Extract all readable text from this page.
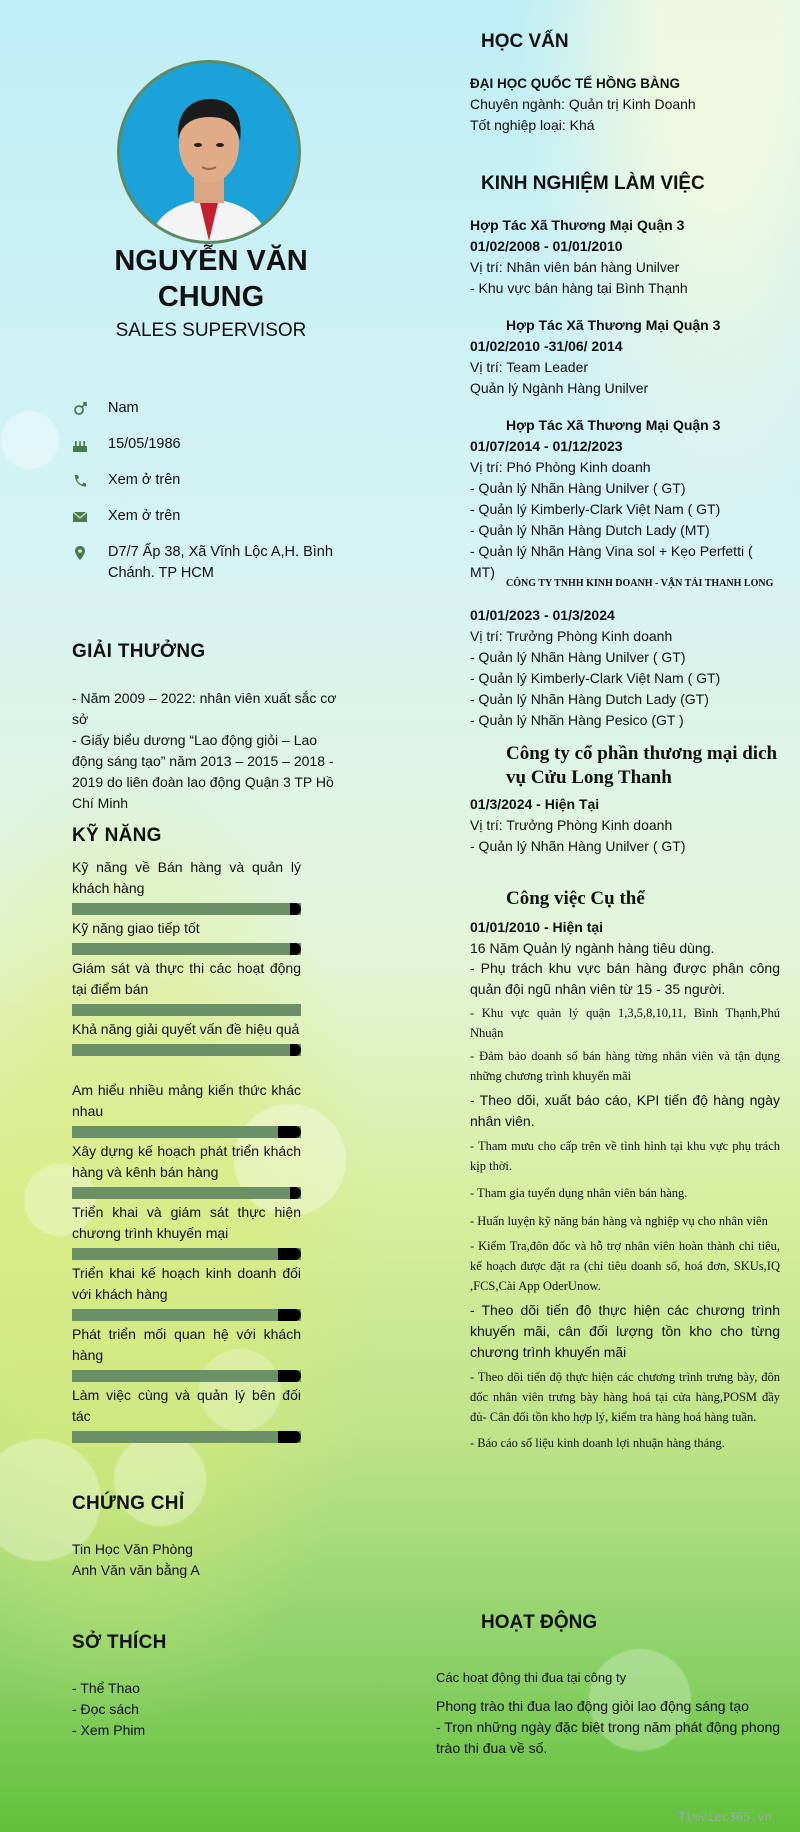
NGUYỄN VĂN
CHUNG
SALES SUPERVISOR
Nam
15/05/1986
Xem ở trên
Xem ở trên
D7/7 Ấp 38, Xã Vĩnh Lộc A,H. Bình Chánh. TP HCM
GIẢI THƯỞNG
- Năm 2009 – 2022: nhân viên xuất sắc cơ sở
- Giấy biểu dương “Lao động giỏi – Lao động sáng tạo” năm 2013 – 2015 – 2018 - 2019 do liên đoàn lao động Quận 3 TP Hồ Chí Minh
KỸ NĂNG
Kỹ năng về Bán hàng và quản lý khách hàng
Kỹ năng giao tiếp tốt
Giám sát và thực thi các hoạt động tại điểm bán
Khả năng giải quyết vấn đề hiệu quả
Am hiểu nhiều mảng kiến thức khác nhau
Xây dựng kế hoạch phát triển khách hàng và kênh bán hàng
Triển khai và giám sát thực hiện chương trình khuyến mại
Triển khai kế hoạch kinh doanh đối với khách hàng
Phát triển mối quan hệ với khách hàng
Làm việc cùng và quản lý bên đối tác
CHỨNG CHỈ
Tin Học Văn Phòng
Anh Văn văn bằng A
SỞ THÍCH
- Thể Thao
- Đọc sách
- Xem Phim
HỌC VẤN
ĐẠI HỌC QUỐC TẾ HỒNG BÀNG
Chuyên ngành: Quản trị Kinh Doanh
Tốt nghiệp loại: Khá
KINH NGHIỆM LÀM VIỆC
Hợp Tác Xã Thương Mại Quận 3
01/02/2008 - 01/01/2010
Vị trí: Nhân viên bán hàng Unilver
- Khu vực bán hàng tại Bình Thạnh
Hợp Tác Xã Thương Mại Quận 3
01/02/2010 -31/06/ 2014
Vị trí: Team Leader
Quản lý Ngành Hàng Unilver
Hợp Tác Xã Thương Mại Quận 3
01/07/2014 - 01/12/2023
Vị trí: Phó Phòng Kinh doanh
- Quản lý Nhãn Hàng Unilver ( GT)
- Quản lý Kimberly-Clark Việt Nam ( GT)
- Quản lý Nhãn Hàng Dutch Lady (MT)
- Quản lý Nhãn Hàng Vina sol + Kẹo Perfetti ( MT)
CÔNG TY TNHH KINH DOANH - VẬN TẢI THANH LONG
01/01/2023 - 01/3/2024
Vị trí: Trưởng Phòng Kinh doanh
- Quản lý Nhãn Hàng Unilver ( GT)
- Quản lý Kimberly-Clark Việt Nam ( GT)
- Quản lý Nhãn Hàng Dutch Lady (GT)
- Quản lý Nhãn Hàng Pesico (GT )
Công ty cổ phần thương mại dich vụ Cửu Long Thanh
01/3/2024 - Hiện Tại
Vị trí: Trưởng Phòng Kinh doanh
- Quản lý Nhãn Hàng Unilver ( GT)
Công việc Cụ thể
01/01/2010 - Hiện tại
16 Năm Quản lý ngành hàng tiêu dùng.
- Phụ trách khu vực bán hàng được phân công quản đội ngũ nhân viên từ 15 - 35 người.
- Khu vực quản lý quận 1,3,5,8,10,11, Bình Thạnh,Phú Nhuận
- Đảm bảo doanh số bán hàng từng nhân viên và tận dụng những chương trình khuyến mãi
- Theo dõi, xuất báo cáo, KPI tiến độ hàng ngày nhân viên.
- Tham mưu cho cấp trên về tình hình tại khu vực phụ trách kịp thời.
- Tham gia tuyển dụng nhân viên bán hàng.
- Huấn luyện kỹ năng bán hàng và nghiệp vụ cho nhân viên
- Kiểm Tra,đôn đốc và hỗ trợ nhân viên hoàn thành chỉ tiêu, kế hoạch được đặt ra (chỉ tiêu doanh số, hoá đơn, SKUs,IQ ,FCS,Cài App OderUnow.
- Theo dõi tiến độ thực hiện các chương trình khuyến mãi, cân đối lượng tồn kho cho từng chương trình khuyến mãi
- Theo dõi tiến độ thực hiện các chương trình trưng bày, đôn đốc nhân viên trưng bày hàng hoá tại cửa hàng,POSM đầy đủ- Cân đối tồn kho hợp lý, kiểm tra hàng hoá hàng tuần.
- Báo cáo số liệu kinh doanh lợi nhuận hàng tháng.
HOẠT ĐỘNG
Các hoạt động thi đua tại công ty
Phong trào thi đua lao động giỏi lao động sáng tạo
- Trọn những ngày đặc biệt trong năm phát động phong trào thi đua về số.
Timviec365.vn
